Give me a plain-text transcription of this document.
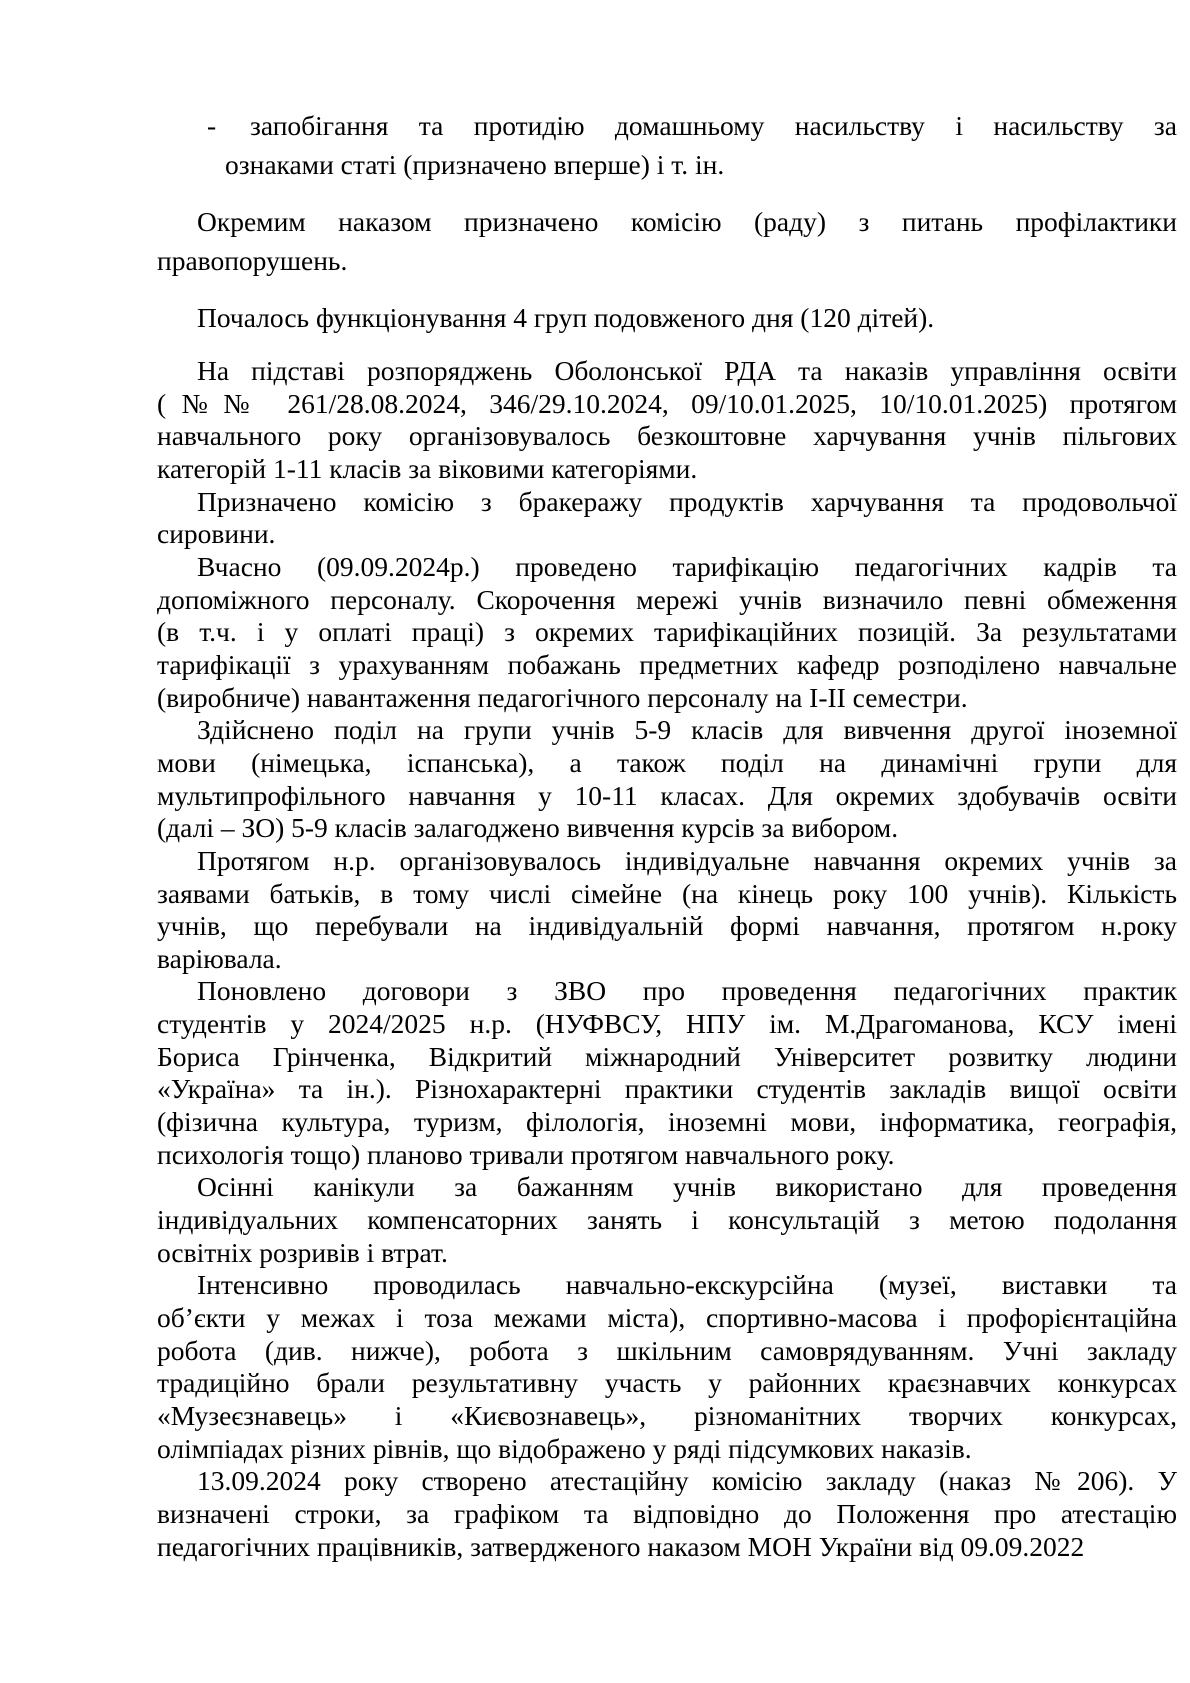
запобігання та протидію домашньому насильству і насильству за
-
ознаками статі (призначено вперше) і т. ін.
Окремим наказом призначено комісію (раду) з питань профілактики
правопорушень.
Почалось функціонування 4 груп подовженого дня (120 дітей).
На підставі розпоряджень Оболонської РДА та наказів управління освіти
(№№ 261/28.08.2024, 346/29.10.2024, 09/10.01.2025, 10/10.01.2025) протягом
навчального року організовувалось безкоштовне харчування учнів пільгових
категорій 1-11 класів за віковими категоріями.
Призначено комісію з бракеражу продуктів харчування та продовольчої
сировини.
Вчасно (09.09.2024р.) проведено тарифікацію педагогічних кадрів та
допоміжного персоналу. Скорочення мережі учнів визначило певні обмеження
(в т.ч. і у оплаті праці) з окремих тарифікаційних позицій. За результатами
тарифікації з урахуванням побажань предметних кафедр розподілено навчальне
(виробниче) навантаження педагогічного персоналу на І-ІІ семестри.
Здійснено поділ на групи учнів 5-9 класів для вивчення другої іноземної
мови (німецька, іспанська), а також поділ на динамічні групи для
мультипрофільного навчання у 10-11 класах. Для окремих здобувачів освіти
(далі – ЗО) 5-9 класів залагоджено вивчення курсів за вибором.
Протягом н.р. організовувалось індивідуальне навчання окремих учнів за
заявами батьків, в тому числі сімейне (на кінець року 100 учнів). Кількість
учнів, що перебували на індивідуальній формі навчання, протягом н.року
варіювала.
Поновлено договори з ЗВО про проведення педагогічних практик
студентів у 2024/2025 н.р. (НУФВСУ, НПУ ім. М.Драгоманова, КСУ імені
Бориса Грінченка, Відкритий міжнародний Університет розвитку людини
«Україна» та ін.). Різнохарактерні практики студентів закладів вищої освіти
(фізична культура, туризм, філологія, іноземні мови, інформатика, географія,
психологія тощо) планово тривали протягом навчального року.
Осінні канікули за бажанням учнів використано для проведення
індивідуальних компенсаторних занять і консультацій з метою подолання
освітніх розривів і втрат.
Інтенсивно проводилась навчально-екскурсійна (музеї, виставки та
об’єкти у межах і тоза межами міста), спортивно-масова і профорієнтаційна
робота (див. нижче), робота з шкільним самоврядуванням. Учні закладу
традиційно брали результативну участь у районних краєзнавчих конкурсах
«Музеєзнавець» і «Києвознавець», різноманітних творчих конкурсах,
олімпіадах різних рівнів, що відображено у ряді підсумкових наказів.
13.09.2024 року створено атестаційну комісію закладу (наказ №206). У
визначені строки, за графіком та відповідно до Положення про атестацію
педагогічних працівників, затвердженого наказом МОН України від 09.09.2022
